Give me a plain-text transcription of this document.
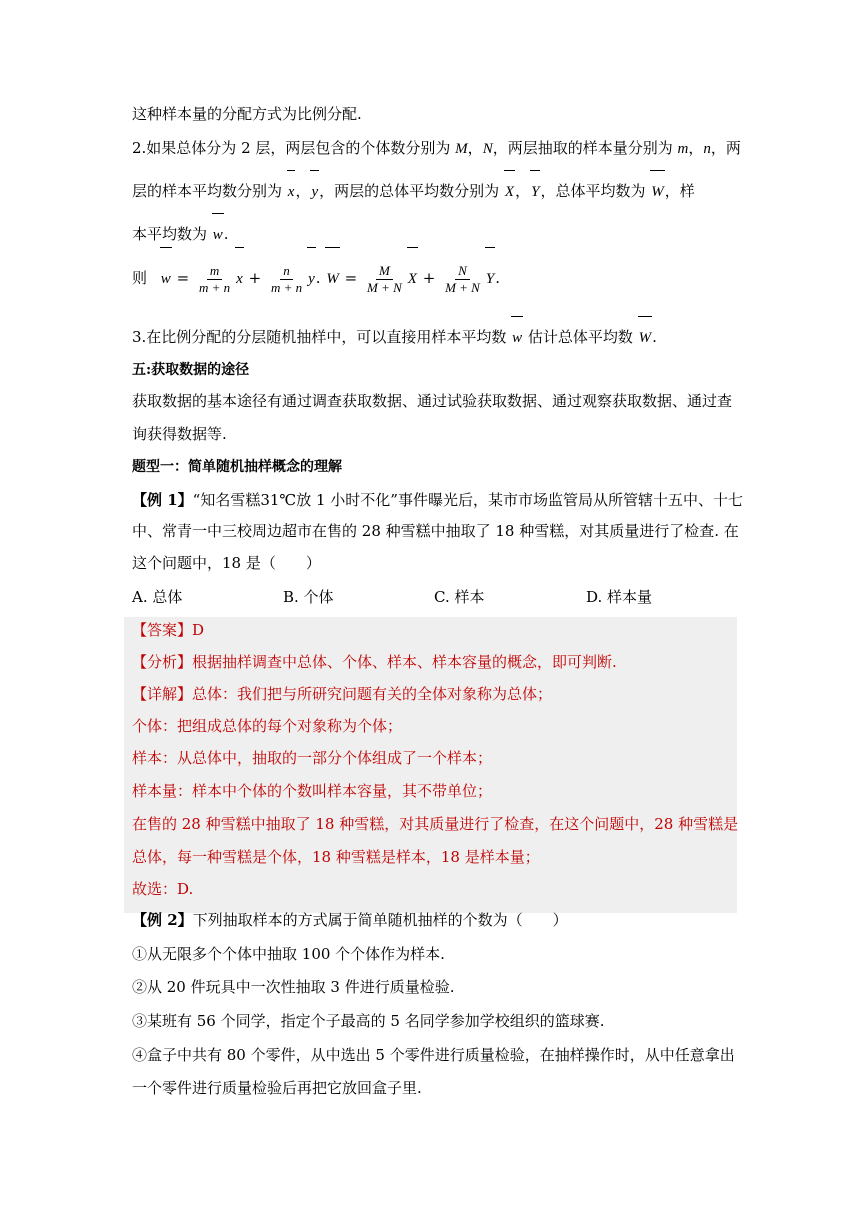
这种样本量的分配方式为比例分配.
2.如果总体分为 2 层，两层包含的个体数分别为 M，N，两层抽取的样本量分别为 m，n，两
层的样本平均数分别为 x，y，两层的总体平均数分别为 X，Y，总体平均数为 W，样
本平均数为 w.
则 $w = \frac{m}{m + n}$ $x + \frac{n}{m + n} y$. $W = \frac{M}{M + N}$ $X + \frac{N}{M + N} Y$.
3.在比例分配的分层随机抽样中，可以直接用样本平均数 w 估计总体平均数 W.
五:获取数据的途径
获取数据的基本途径有通过调查获取数据、通过试验获取数据、通过观察获取数据、通过查
询获得数据等.
题型一：简单随机抽样概念的理解
【例 1】“知名雪糕31℃放 1 小时不化”事件曝光后，某市市场监管局从所管辖十五中、十七
中、常青一中三校周边超市在售的 28 种雪糕中抽取了 18 种雪糕，对其质量进行了检查. 在
这个问题中，18 是（　　）
A. 总体	B. 个体	C. 样本	D. 样本量
【答案】D
【分析】根据抽样调查中总体、个体、样本、样本容量的概念，即可判断.
【详解】总体：我们把与所研究问题有关的全体对象称为总体；
个体：把组成总体的每个对象称为个体；
样本：从总体中，抽取的一部分个体组成了一个样本；
样本量：样本中个体的个数叫样本容量，其不带单位；
在售的 28 种雪糕中抽取了 18 种雪糕，对其质量进行了检查，在这个问题中，28 种雪糕是
总体，每一种雪糕是个体，18 种雪糕是样本，18 是样本量；
故选：D.
【例 2】下列抽取样本的方式属于简单随机抽样的个数为（　　）
①从无限多个个体中抽取 100 个个体作为样本.
②从 20 件玩具中一次性抽取 3 件进行质量检验.
③某班有 56 个同学，指定个子最高的 5 名同学参加学校组织的篮球赛.
④盒子中共有 80 个零件，从中选出 5 个零件进行质量检验，在抽样操作时，从中任意拿出
一个零件进行质量检验后再把它放回盒子里.
